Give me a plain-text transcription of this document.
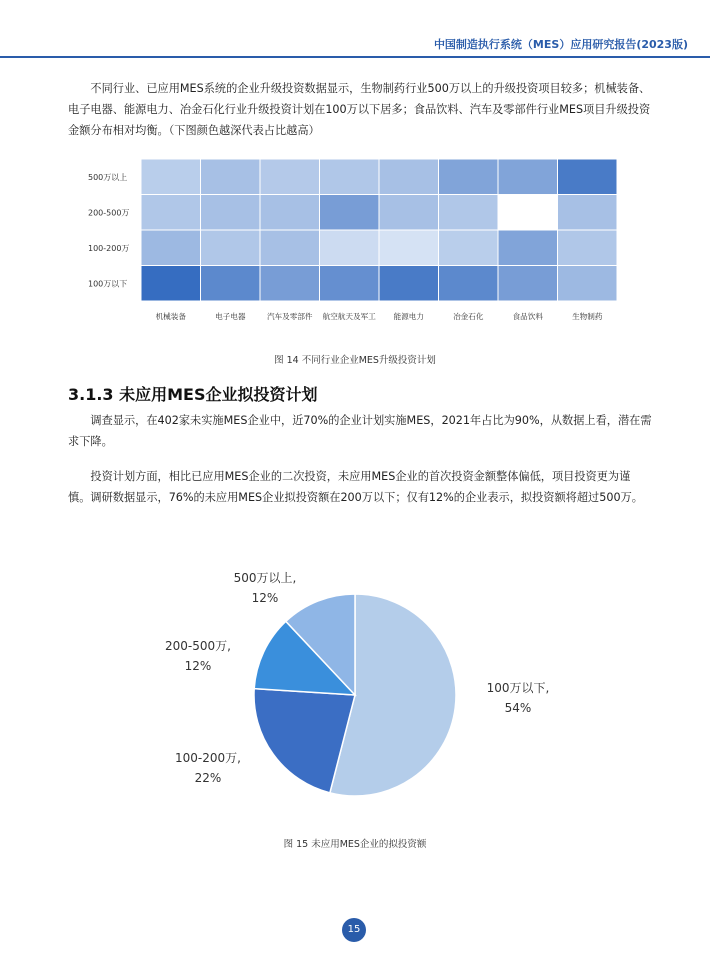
中国制造执行系统（MES）应用研究报告(2023版)

不同行业、已应用MES系统的企业升级投资数据显示，生物制药行业500万以上的升级投资项目较多；机械装备、电子电器、能源电力、冶金石化行业升级投资计划在100万以下居多；食品饮料、汽车及零部件行业MES项目升级投资金额分布相对均衡。（下图颜色越深代表占比越高）

500万以上
200-500万
100-200万
100万以下
机械装备	电子电器	汽车及零部件 航空航天及军工 能源电力	冶金石化	食品饮料	生物制药
图 14 不同行业企业MES升级投资计划
3.1.3 未应用MES企业拟投资计划

调查显示，在402家未实施MES企业中，近70%的企业计划实施MES，2021年占比为90%，从数据上看，潜在需求下降。

投资计划方面，相比已应用MES企业的二次投资，未应用MES企业的首次投资金额整体偏低，项目投资更为谨慎。调研数据显示，76%的未应用MES企业拟投资额在200万以下；仅有12%的企业表示，拟投资额将超过500万。

100万以下,
54%
100-200万,
22%
200-500万,
12%
500万以上,
12%
图 15 未应用MES企业的拟投资额
15
